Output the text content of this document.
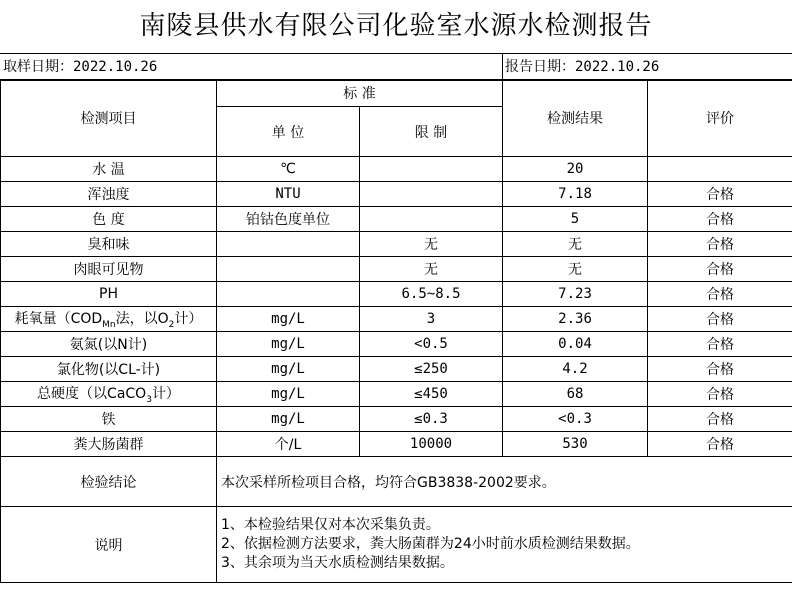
南陵县供水有限公司化验室水源水检测报告
取样日期：2022.10.26	报告日期：2022.10.26
检测项目	标 准		检测结果	评价
	单 位	限 制		
水 温	℃		20	
浑浊度	NTU		7.18	合格
色 度	铂钴色度单位		5	合格
臭和味		无	无	合格
肉眼可见物		无	无	合格
PH		6.5~8.5	7.23	合格
耗氧量（$COD_{Mn}$法，以$O_2$计）	mg/L	3	2.36	合格
氨氮(以N计)	mg/L	<0.5	0.04	合格
氯化物(以CL-计)	mg/L	≤250	4.2	合格
总硬度（以CaCO$_3$计）	mg/L	≤450	68	合格
铁	mg/L	≤0.3	<0.3	合格
粪大肠菌群	个/L	10000	530	合格
检验结论	本次采样所检项目合格，均符合GB3838-2002要求。			
说明	1、本检验结果仅对本次采集负责。
2、依据检测方法要求，粪大肠菌群为24小时前水质检测结果数据。
3、其余项为当天水质检测结果数据。			
